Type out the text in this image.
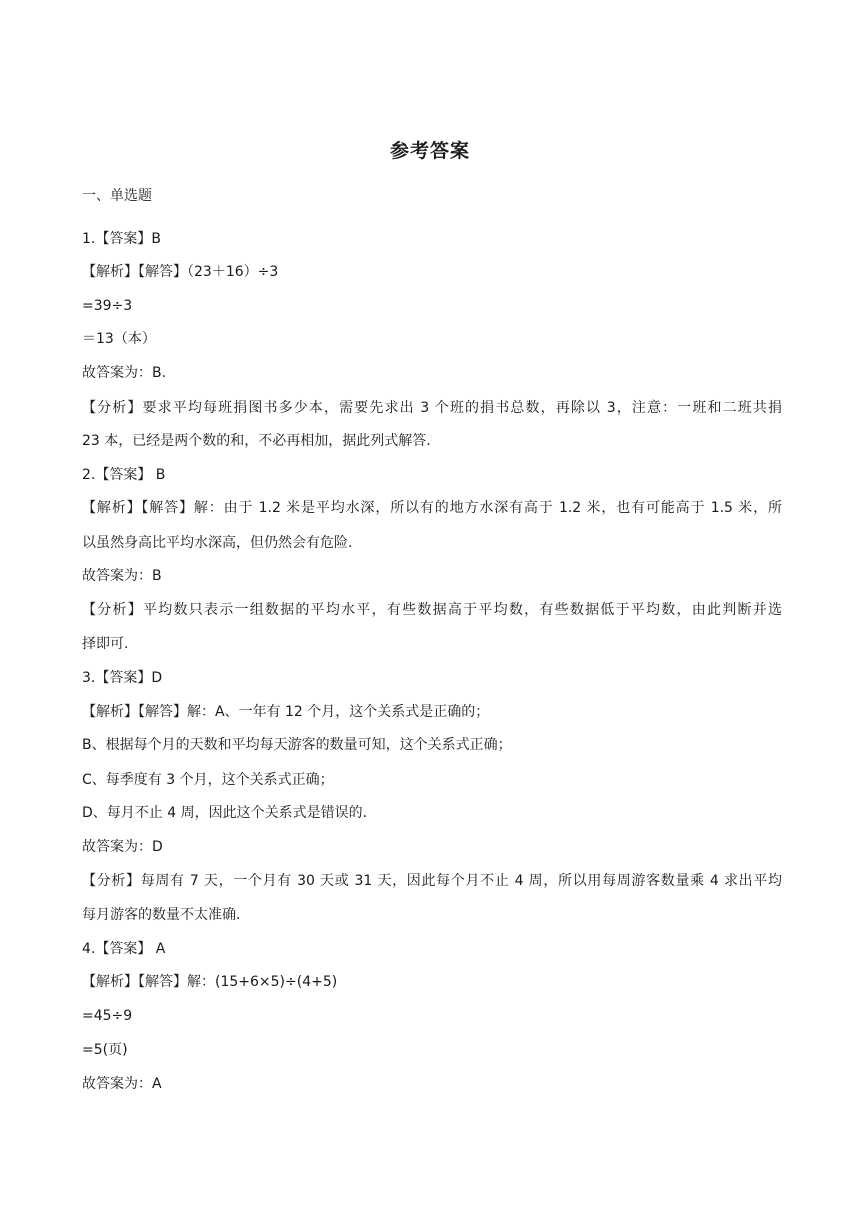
参考答案
一、单选题
1.【答案】B
【解析】【解答】（23＋16）÷3
=39÷3
＝13（本）
故答案为：B.
【分析】要求平均每班捐图书多少本，需要先求出 3 个班的捐书总数，再除以 3，注意：一班和二班共捐
23 本，已经是两个数的和，不必再相加，据此列式解答.
2.【答案】 B
【解析】【解答】解：由于 1.2 米是平均水深，所以有的地方水深有高于 1.2 米，也有可能高于 1.5 米，所
以虽然身高比平均水深高，但仍然会有危险.
故答案为：B
【分析】平均数只表示一组数据的平均水平，有些数据高于平均数，有些数据低于平均数，由此判断并选
择即可.
3.【答案】D
【解析】【解答】解：A、一年有 12 个月，这个关系式是正确的；
B、根据每个月的天数和平均每天游客的数量可知，这个关系式正确；
C、每季度有 3 个月，这个关系式正确；
D、每月不止 4 周，因此这个关系式是错误的.
故答案为：D
【分析】每周有 7 天，一个月有 30 天或 31 天，因此每个月不止 4 周，所以用每周游客数量乘 4 求出平均
每月游客的数量不太准确.
4.【答案】 A
【解析】【解答】解：(15+6×5)÷(4+5)
=45÷9
=5(页)
故答案为：A
